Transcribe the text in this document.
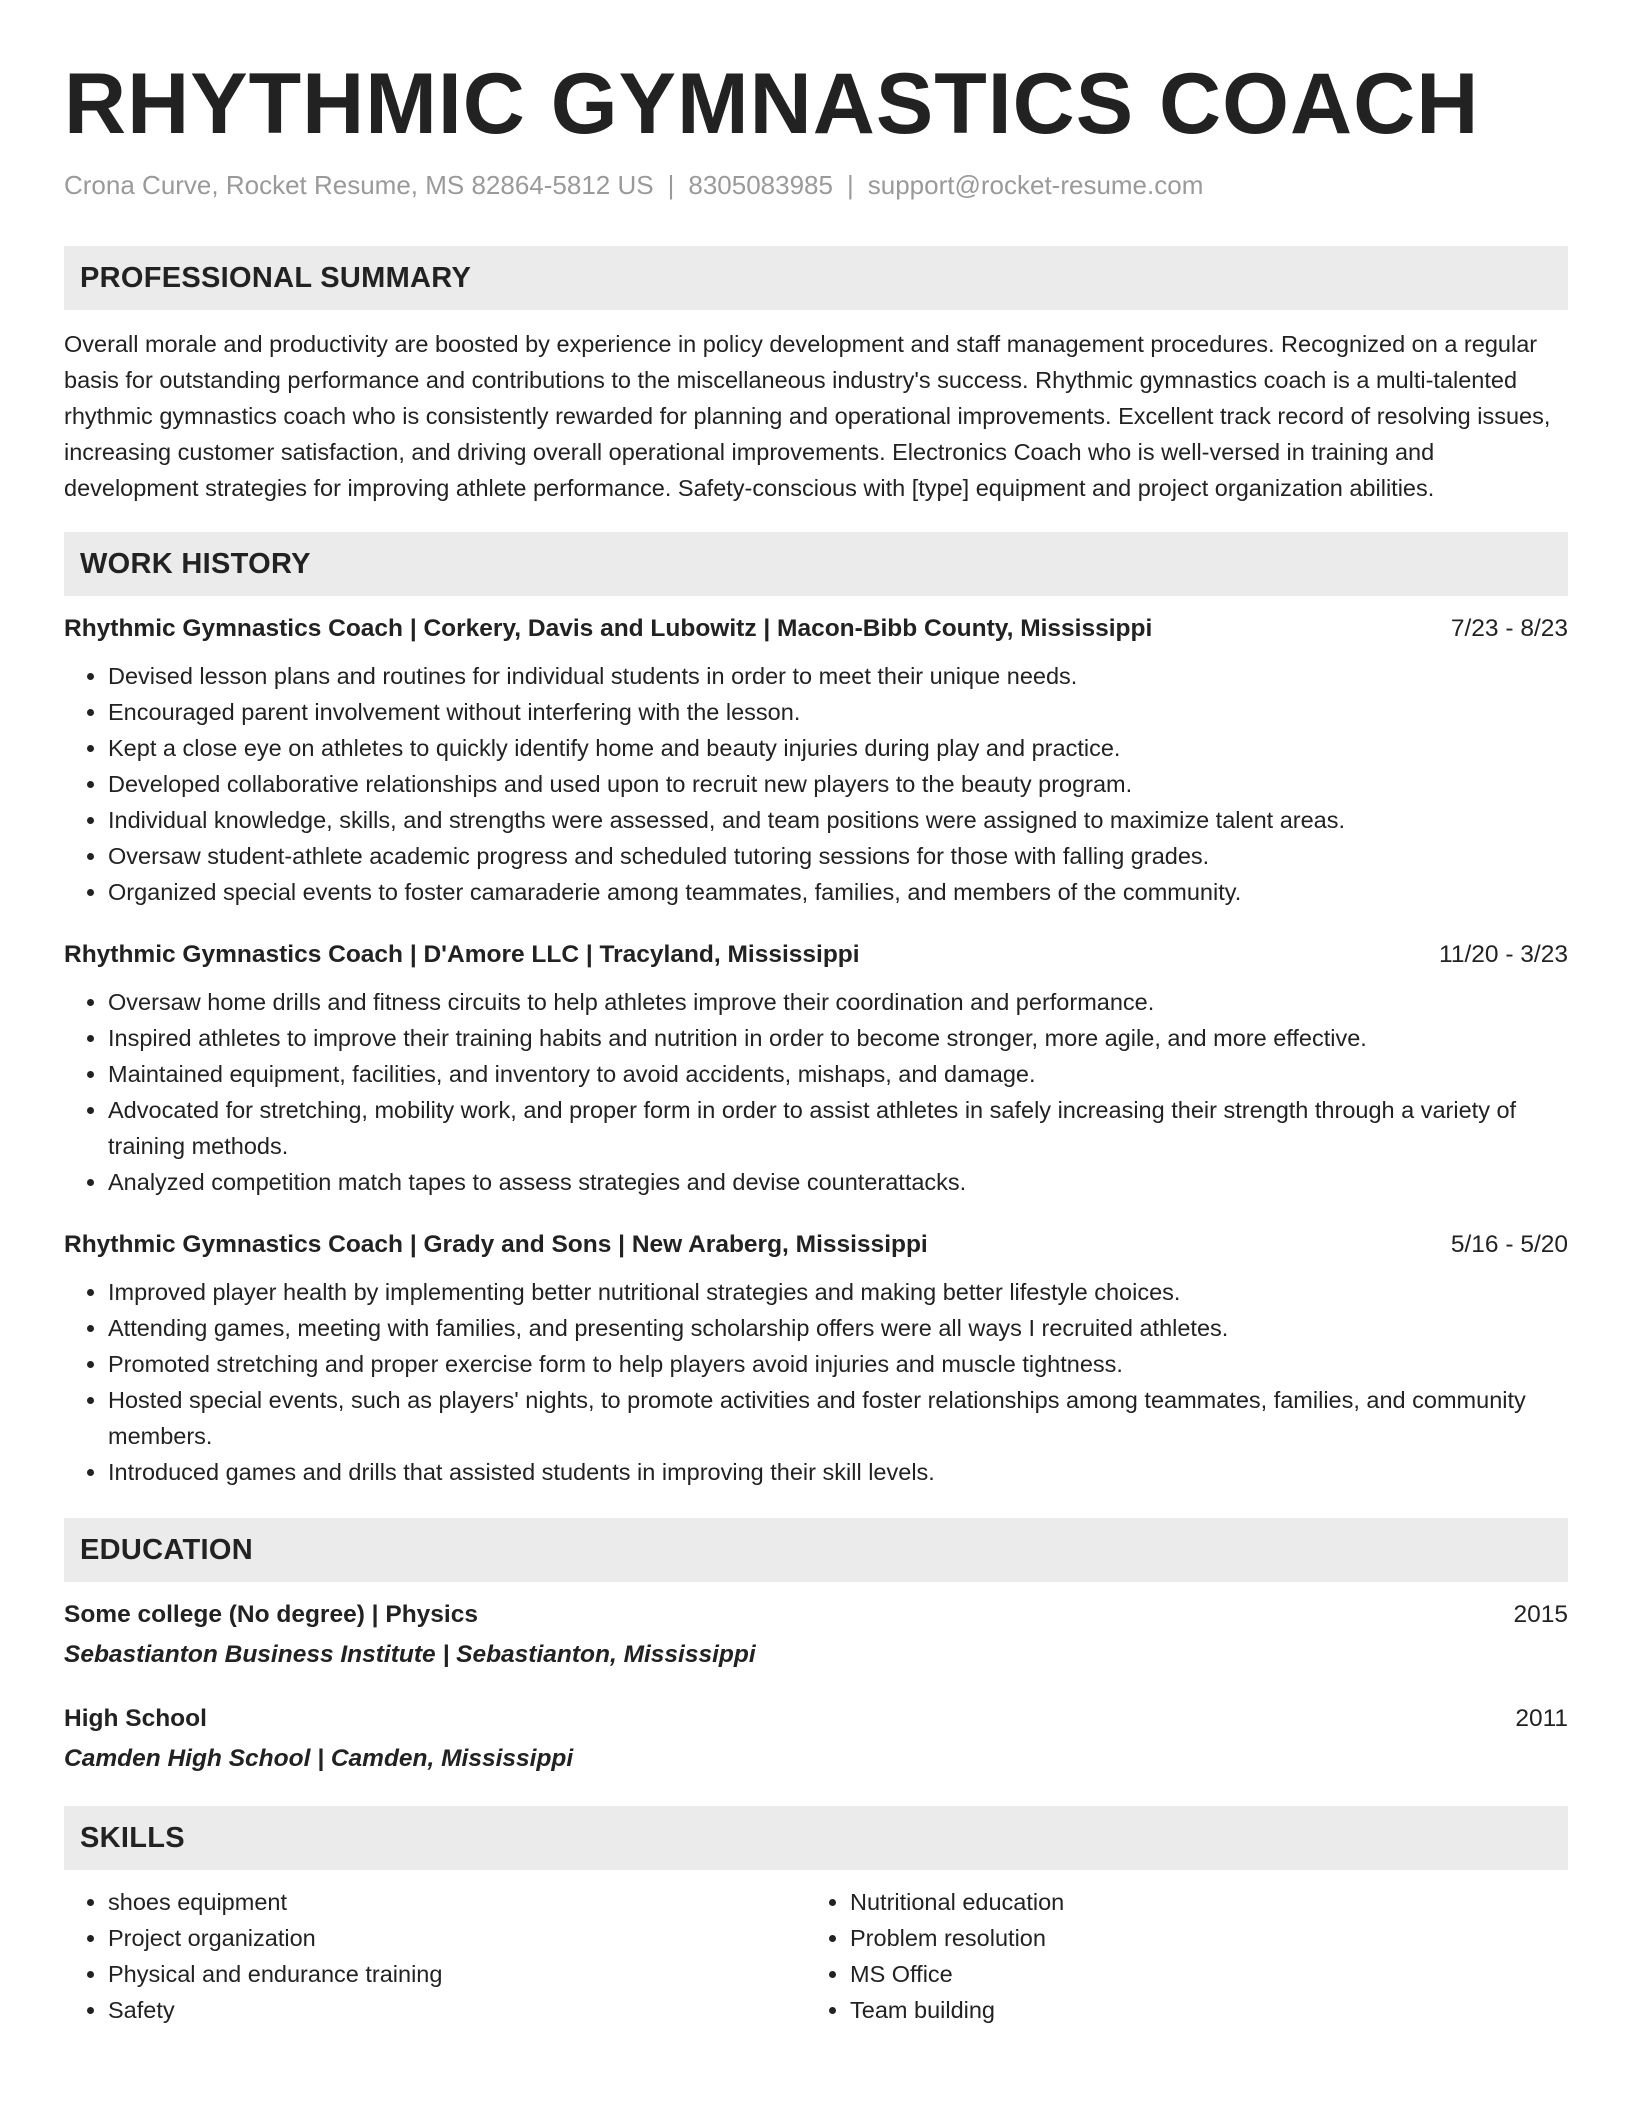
RHYTHMIC GYMNASTICS COACH
Crona Curve, Rocket Resume, MS 82864-5812 US | 8305083985 | support@rocket-resume.com
PROFESSIONAL SUMMARY
Overall morale and productivity are boosted by experience in policy development and staff management procedures. Recognized on a regular basis for outstanding performance and contributions to the miscellaneous industry's success. Rhythmic gymnastics coach is a multi-talented rhythmic gymnastics coach who is consistently rewarded for planning and operational improvements. Excellent track record of resolving issues, increasing customer satisfaction, and driving overall operational improvements. Electronics Coach who is well-versed in training and development strategies for improving athlete performance. Safety-conscious with [type] equipment and project organization abilities.
WORK HISTORY
Rhythmic Gymnastics Coach | Corkery, Davis and Lubowitz | Macon-Bibb County, Mississippi	7/23 - 8/23
• Devised lesson plans and routines for individual students in order to meet their unique needs.
• Encouraged parent involvement without interfering with the lesson.
• Kept a close eye on athletes to quickly identify home and beauty injuries during play and practice.
• Developed collaborative relationships and used upon to recruit new players to the beauty program.
• Individual knowledge, skills, and strengths were assessed, and team positions were assigned to maximize talent areas.
• Oversaw student-athlete academic progress and scheduled tutoring sessions for those with falling grades.
• Organized special events to foster camaraderie among teammates, families, and members of the community.
Rhythmic Gymnastics Coach | D'Amore LLC | Tracyland, Mississippi	11/20 - 3/23
• Oversaw home drills and fitness circuits to help athletes improve their coordination and performance.
• Inspired athletes to improve their training habits and nutrition in order to become stronger, more agile, and more effective.
• Maintained equipment, facilities, and inventory to avoid accidents, mishaps, and damage.
• Advocated for stretching, mobility work, and proper form in order to assist athletes in safely increasing their strength through a variety of training methods.
• Analyzed competition match tapes to assess strategies and devise counterattacks.
Rhythmic Gymnastics Coach | Grady and Sons | New Araberg, Mississippi	5/16 - 5/20
• Improved player health by implementing better nutritional strategies and making better lifestyle choices.
• Attending games, meeting with families, and presenting scholarship offers were all ways I recruited athletes.
• Promoted stretching and proper exercise form to help players avoid injuries and muscle tightness.
• Hosted special events, such as players' nights, to promote activities and foster relationships among teammates, families, and community members.
• Introduced games and drills that assisted students in improving their skill levels.
EDUCATION
Some college (No degree) | Physics	2015
Sebastianton Business Institute | Sebastianton, Mississippi
High School	2011
Camden High School | Camden, Mississippi
SKILLS
• shoes equipment
• Project organization
• Physical and endurance training
• Safety
• Nutritional education
• Problem resolution
• MS Office
• Team building
